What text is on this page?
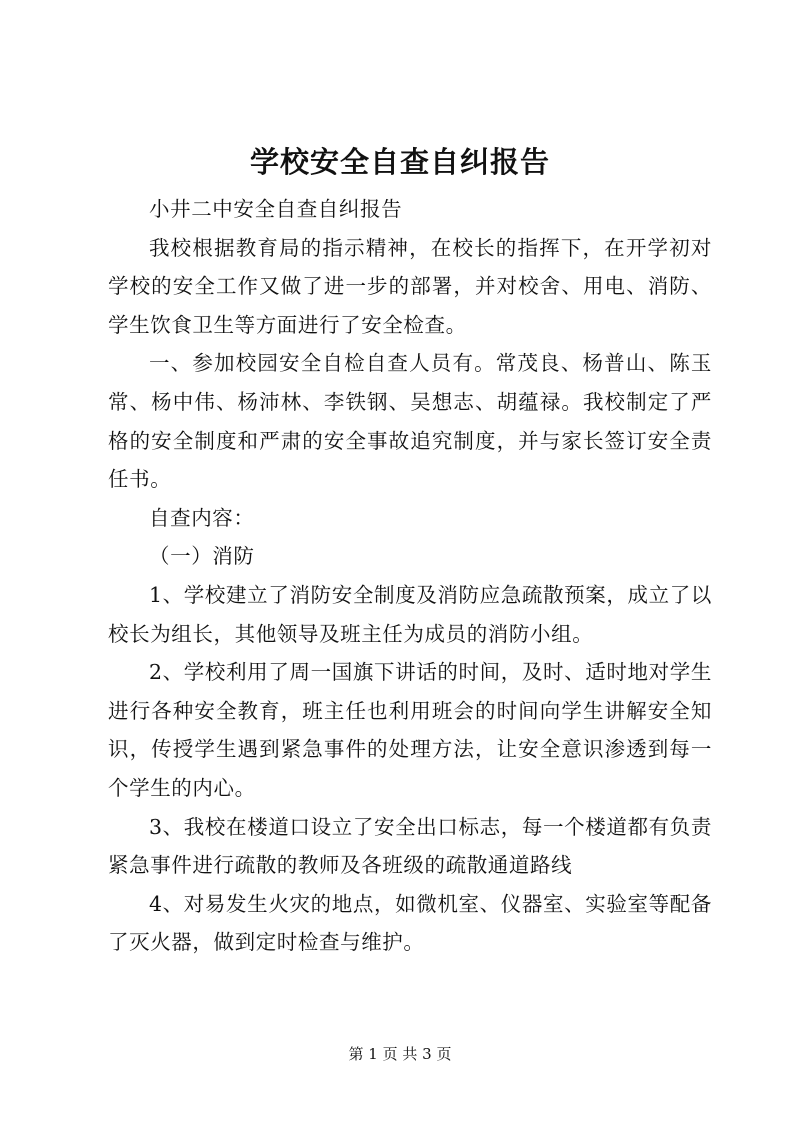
学校安全自查自纠报告

小井二中安全自查自纠报告

我校根据教育局的指示精神，在校长的指挥下，在开学初对学校的安全工作又做了进一步的部署，并对校舍、用电、消防、学生饮食卫生等方面进行了安全检查。

一、参加校园安全自检自查人员有。常茂良、杨普山、陈玉常、杨中伟、杨沛林、李铁钢、吴想志、胡蕴禄。我校制定了严格的安全制度和严肃的安全事故追究制度，并与家长签订安全责任书。

自查内容：

（一）消防

1、学校建立了消防安全制度及消防应急疏散预案，成立了以校长为组长，其他领导及班主任为成员的消防小组。

2、学校利用了周一国旗下讲话的时间，及时、适时地对学生进行各种安全教育，班主任也利用班会的时间向学生讲解安全知识，传授学生遇到紧急事件的处理方法，让安全意识渗透到每一个学生的内心。

3、我校在楼道口设立了安全出口标志，每一个楼道都有负责紧急事件进行疏散的教师及各班级的疏散通道路线

4、对易发生火灾的地点，如微机室、仪器室、实验室等配备了灭火器，做到定时检查与维护。

第 1 页 共 3 页
